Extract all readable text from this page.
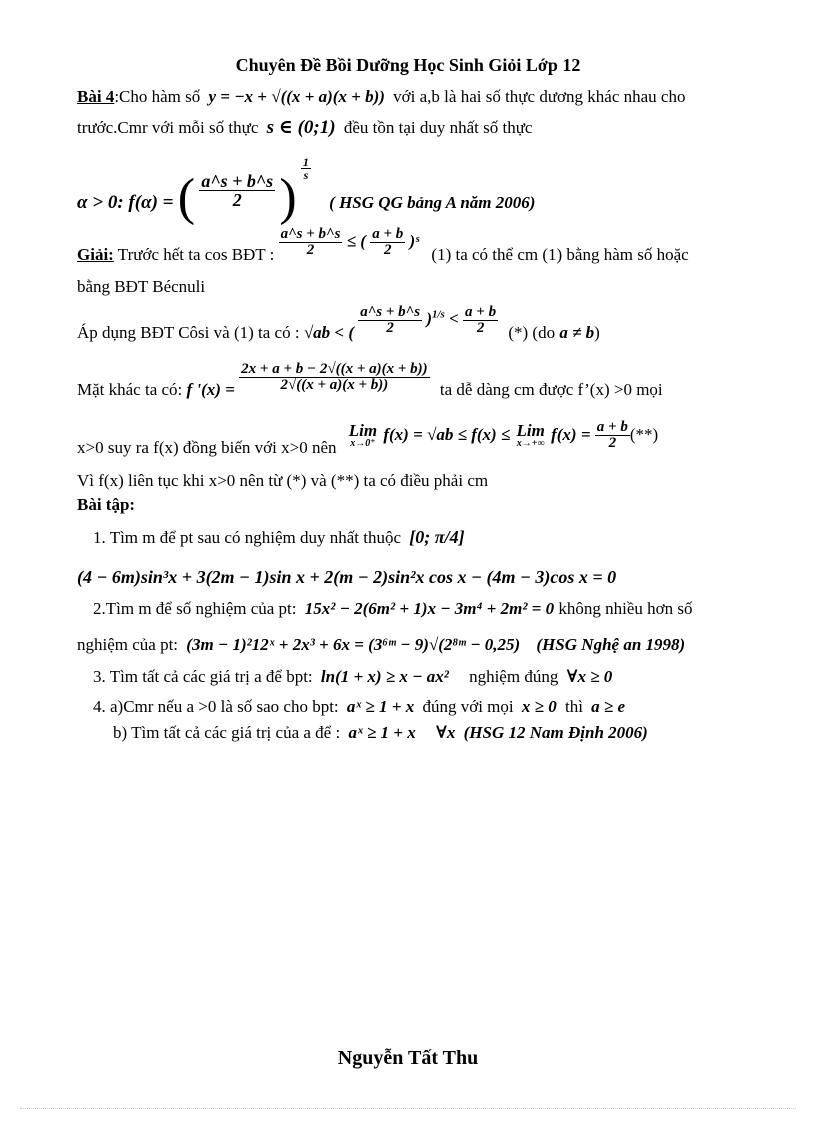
Chuyên Đề Bồi Dưỡng Học Sinh Giỏi Lớp 12
Bài 4:Cho hàm số y = −x + √((x + a)(x + b)) với a,b là hai số thực dương khác nhau cho
trước.Cmr với mỗi số thực s ∈ (0;1) đều tồn tại duy nhất số thực
α > 0: f(α) = ( $\frac{a\^{}s + b\^{}s}{2}$ )
$\frac{1}{s}$
( HSG QG bảng A năm 2006)
Giải: Trước hết ta cos BĐT : $\frac{a\^{}s + b\^{}s}{2}$ ≤ ( $\frac{a + b}{2}$ )ˢ (1) ta có thể cm (1) bằng hàm số hoặc
bằng BĐT Bécnuli
Áp dụng BĐT Côsi và (1) ta có : √ab < ( $\frac{a\^{}s + b\^{}s}{2} )^{1/s} < \frac{a + b}{2}$ (*) (do a ≠ b)
Mặt khác ta có: f '$(x) = \frac{2x + a + b - 2√((x + a)(x + b))}{2√((x + a)(x + b))}$ ta dễ dàng cm được f’(x) >0 mọi
x>0 suy ra f(x) đồng biến với x>0 nên
Lim
x→0⁺ f(x) = √ab ≤ f(x) ≤ Lim
x→+∞ $f(x) = \frac{a + b}{2}$ (**)
Vì f(x) liên tục khi x>0 nên từ (*) và (**) ta có điều phải cm
Bài tập:
1. Tìm m để pt sau có nghiệm duy nhất thuộc [0; π/4]
(4 − 6m)sin³x + 3(2m − 1)sin x + 2(m − 2)sin²x cos x − (4m − 3)cos x = 0
2.Tìm m để số nghiệm của pt: 15x² − 2(6m² + 1)x − 3m⁴ + 2m² = 0 không nhiều hơn số
nghiệm của pt: (3m − 1)²12ˣ + 2x³ + 6x = (3⁶ᵐ − 9)√(2⁸ᵐ − 0,25) (HSG Nghệ an 1998)
3. Tìm tất cả các giá trị a để bpt: ln(1 + x) ≥ x − ax² nghiệm đúng ∀x ≥ 0
4. a)Cmr nếu a >0 là số sao cho bpt: aˣ ≥ 1 + x đúng với mọi x ≥ 0 thì a ≥ e
b) Tìm tất cả các giá trị của a để : aˣ ≥ 1 + x ∀x (HSG 12 Nam Định 2006)
Nguyễn Tất Thu
